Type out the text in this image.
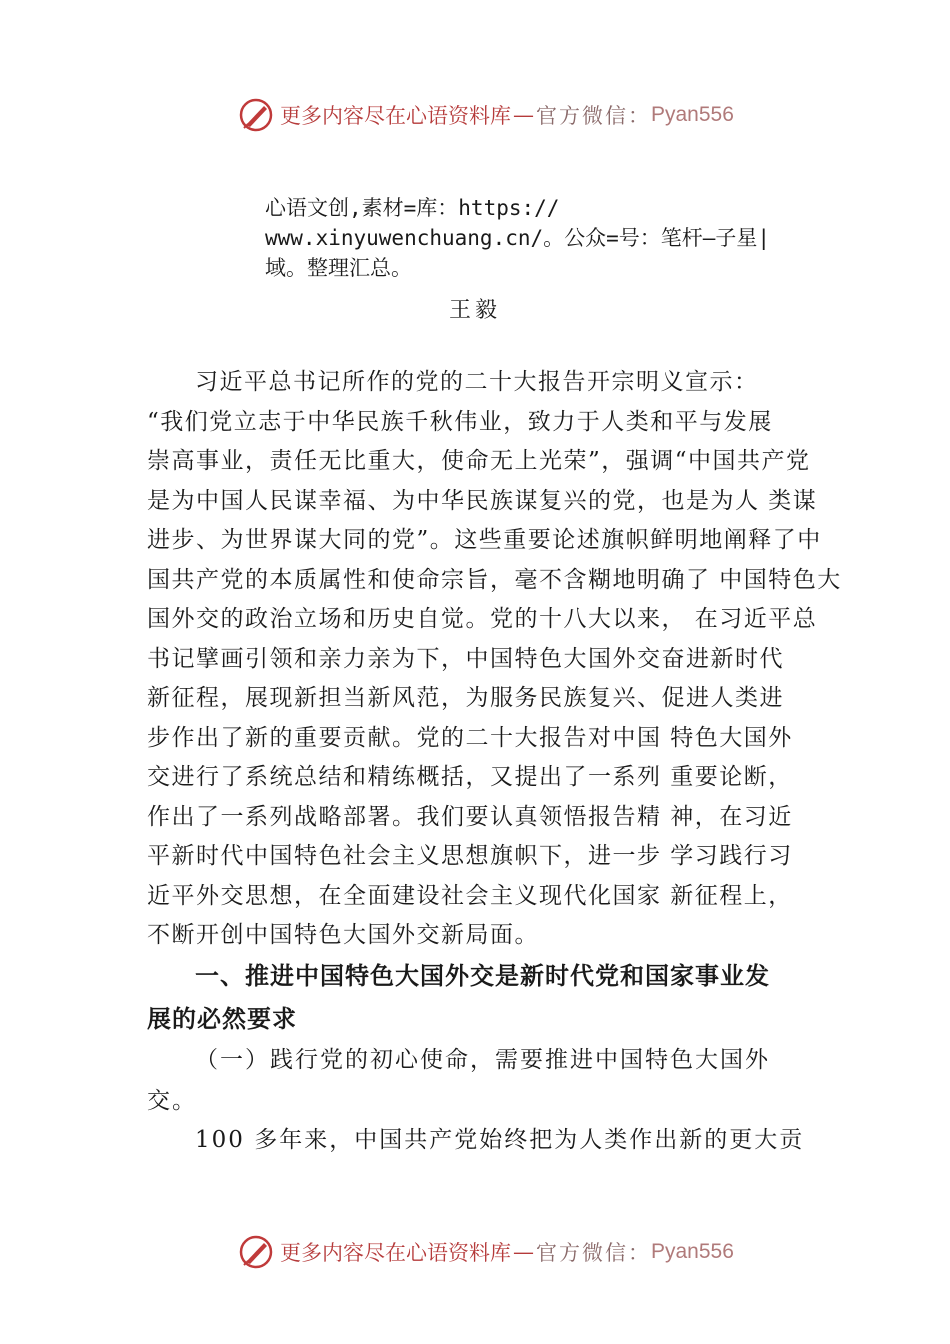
更多内容尽在心语资料库 — 官方微信： Pyan556
心语文创,素材=库：https://
www.xinyuwenchuang.cn/。公众=号：笔杆—子星|
域。整理汇总。
王毅
习近平总书记所作的党的二十大报告开宗明义宣示：
“我们党立志于中华民族千秋伟业，致力于人类和平与发展
崇高事业，责任无比重大，使命无上光荣”，强调“中国共产党
是为中国人民谋幸福、为中华民族谋复兴的党，也是为人 类谋
进步、为世界谋大同的党”。这些重要论述旗帜鲜明地阐释了中
国共产党的本质属性和使命宗旨，毫不含糊地明确了 中国特色大
国外交的政治立场和历史自觉。党的十八大以来， 在习近平总
书记擘画引领和亲力亲为下，中国特色大国外交奋进新时代
新征程，展现新担当新风范，为服务民族复兴、促进人类进
步作出了新的重要贡献。党的二十大报告对中国 特色大国外
交进行了系统总结和精练概括，又提出了一系列 重要论断，
作出了一系列战略部署。我们要认真领悟报告精 神，在习近
平新时代中国特色社会主义思想旗帜下，进一步 学习践行习
近平外交思想，在全面建设社会主义现代化国家 新征程上，
不断开创中国特色大国外交新局面。
一、推进中国特色大国外交是新时代党和国家事业发
展的必然要求
（一）践行党的初心使命，需要推进中国特色大国外
交。
100 多年来，中国共产党始终把为人类作出新的更大贡
更多内容尽在心语资料库 — 官方微信： Pyan556
